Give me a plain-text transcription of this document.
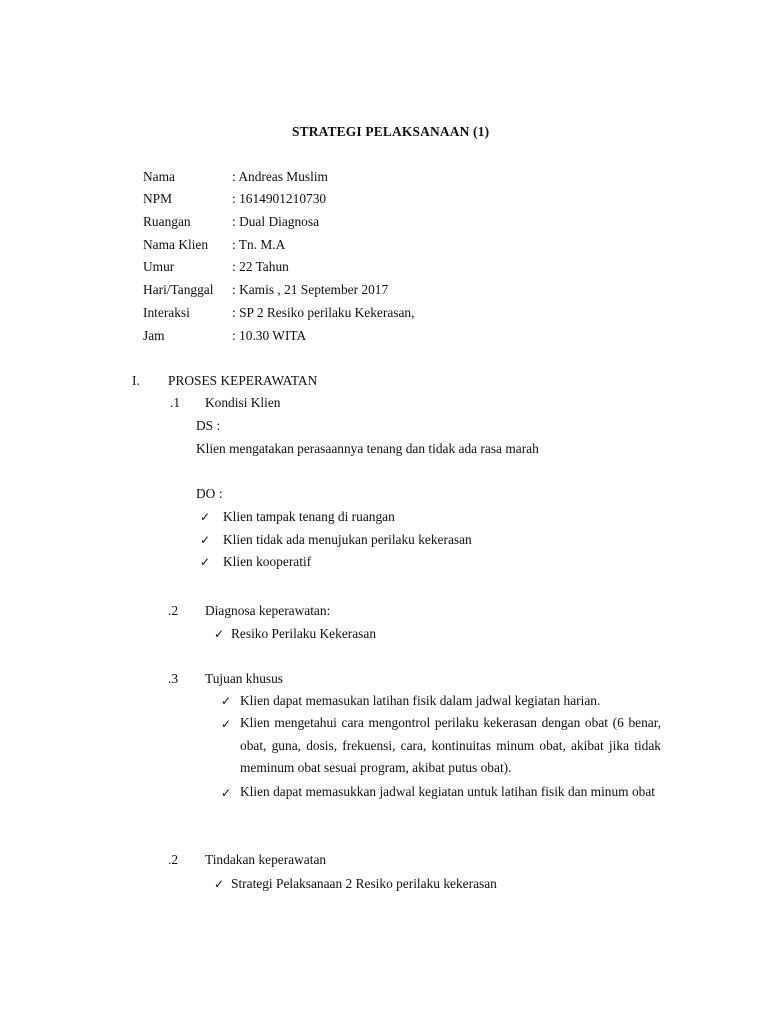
STRATEGI PELAKSANAAN (1)
Nama	: Andreas Muslim
NPM	: 1614901210730
Ruangan	: Dual Diagnosa
Nama Klien : Tn. M.A
Umur	: 22 Tahun
Hari/Tanggal : Kamis , 21 September 2017
Interaksi	: SP 2 Resiko perilaku Kekerasan,
Jam	: 10.30 WITA
I. PROSES KEPERAWATAN
.1 Kondisi Klien
DS :
Klien mengatakan perasaannya tenang dan tidak ada rasa marah
DO :
✓ Klien tampak tenang di ruangan
✓ Klien tidak ada menujukan perilaku kekerasan
✓ Klien kooperatif
.2 Diagnosa keperawatan:
✓ Resiko Perilaku Kekerasan
.3 Tujuan khusus
✓ Klien dapat memasukan latihan fisik dalam jadwal kegiatan harian.
✓ Klien mengetahui cara mengontrol perilaku kekerasan dengan obat (6 benar, obat, guna, dosis, frekuensi, cara, kontinuitas minum obat, akibat jika tidak meminum obat sesuai program, akibat putus obat).
✓ Klien dapat memasukkan jadwal kegiatan untuk latihan fisik dan minum obat
.2 Tindakan keperawatan
✓ Strategi Pelaksanaan 2 Resiko perilaku kekerasan
